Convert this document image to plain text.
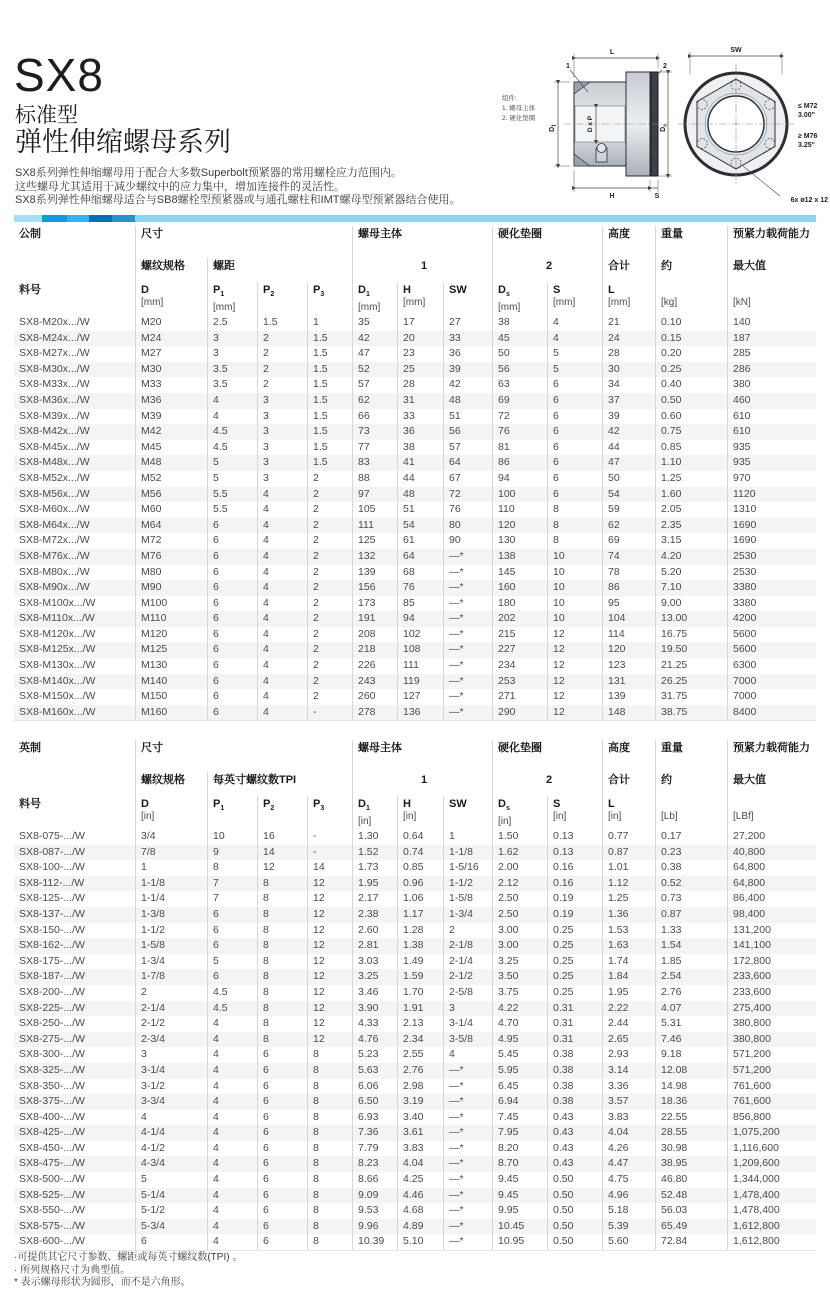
SX8
标准型
弹性伸缩螺母系列
SX8系列弹性伸缩螺母用于配合大多数Superbolt预紧器的常用螺栓应力范围内。
这些螺母尤其适用于减少螺纹中的应力集中，增加连接件的灵活性。
SX8系列弹性伸缩螺母适合与SB8螺栓型预紧器或与通孔螺柱和IMT螺母型预紧器结合使用。
组件:
1. 螺母主体
2. 硬化垫圈
L
1	2
$D_1$	D x P	$D_s$
H	S
SW
≤ M72
3.00"
≥ M76
3.25"
6x ø12 x 12
公制	尺寸	螺母主体	硬化垫圈	高度	重量	预紧力载荷能力
螺纹规格	螺距	1	2	合计	约	最大值
料号	D
[mm]
$P_1$
[mm]
$P_2$	$P_3$	$D_1$
[mm]
H
[mm]
SW	$D_s$
[mm]
S
[mm]
L
[mm]
	[kg]
	[kN]
SX8-M20x.../W	M20	2.5	1.5	1	35	17	27	38	4	21	0.10	140
SX8-M24x.../W	M24	3	2	1.5	42	20	33	45	4	24	0.15	187
SX8-M27x.../W	M27	3	2	1.5	47	23	36	50	5	28	0.20	285
SX8-M30x.../W	M30	3.5	2	1.5	52	25	39	56	5	30	0.25	286
SX8-M33x.../W	M33	3.5	2	1.5	57	28	42	63	6	34	0.40	380
SX8-M36x.../W	M36	4	3	1.5	62	31	48	69	6	37	0.50	460
SX8-M39x.../W	M39	4	3	1.5	66	33	51	72	6	39	0.60	610
SX8-M42x.../W	M42	4.5	3	1.5	73	36	56	76	6	42	0.75	610
SX8-M45x.../W	M45	4.5	3	1.5	77	38	57	81	6	44	0.85	935
SX8-M48x.../W	M48	5	3	1.5	83	41	64	86	6	47	1.10	935
SX8-M52x.../W	M52	5	3	2	88	44	67	94	6	50	1.25	970
SX8-M56x.../W	M56	5.5	4	2	97	48	72	100	6	54	1.60	1120
SX8-M60x.../W	M60	5.5	4	2	105	51	76	110	8	59	2.05	1310
SX8-M64x.../W	M64	6	4	2	111	54	80	120	8	62	2.35	1690
SX8-M72x.../W	M72	6	4	2	125	61	90	130	8	69	3.15	1690
SX8-M76x.../W	M76	6	4	2	132	64	—*	138	10	74	4.20	2530
SX8-M80x.../W	M80	6	4	2	139	68	—*	145	10	78	5.20	2530
SX8-M90x.../W	M90	6	4	2	156	76	—*	160	10	86	7.10	3380
SX8-M100x.../W	M100	6	4	2	173	85	—*	180	10	95	9.00	3380
SX8-M110x.../W	M110	6	4	2	191	94	—*	202	10	104	13.00	4200
SX8-M120x.../W	M120	6	4	2	208	102	—*	215	12	114	16.75	5600
SX8-M125x.../W	M125	6	4	2	218	108	—*	227	12	120	19.50	5600
SX8-M130x.../W	M130	6	4	2	226	111	—*	234	12	123	21.25	6300
SX8-M140x.../W	M140	6	4	2	243	119	—*	253	12	131	26.25	7000
SX8-M150x.../W	M150	6	4	2	260	127	—*	271	12	139	31.75	7000
SX8-M160x.../W	M160	6	4	-	278	136	—*	290	12	148	38.75	8400
英制	尺寸	螺母主体	硬化垫圈	高度	重量	预紧力载荷能力
螺纹规格	每英寸螺纹数TPI	1	2	合计	约	最大值
料号	D
[in]
$P_1$	$P_2$	$P_3$	$D_1$
[in]
H
[in]
SW	$D_s$
[in]
S
[in]
L
[in]
	[Lb]
	[LBf]
SX8-075-.../W	3/4	10	16	-	1.30	0.64	1	1.50	0.13	0.77	0.17	27,200
SX8-087-.../W	7/8	9	14	-	1.52	0.74	1-1/8	1.62	0.13	0.87	0.23	40,800
SX8-100-.../W	1	8	12	14	1.73	0.85	1-5/16	2.00	0.16	1.01	0.38	64,800
SX8-112-.../W	1-1/8	7	8	12	1.95	0.96	1-1/2	2.12	0.16	1.12	0.52	64,800
SX8-125-.../W	1-1/4	7	8	12	2.17	1.06	1-5/8	2.50	0.19	1.25	0.73	86,400
SX8-137-.../W	1-3/8	6	8	12	2.38	1.17	1-3/4	2.50	0.19	1.36	0.87	98,400
SX8-150-.../W	1-1/2	6	8	12	2.60	1.28	2	3.00	0.25	1.53	1.33	131,200
SX8-162-.../W	1-5/8	6	8	12	2.81	1.38	2-1/8	3.00	0.25	1.63	1.54	141,100
SX8-175-.../W	1-3/4	5	8	12	3.03	1.49	2-1/4	3.25	0.25	1.74	1.85	172,800
SX8-187-.../W	1-7/8	6	8	12	3.25	1.59	2-1/2	3.50	0.25	1.84	2.54	233,600
SX8-200-.../W	2	4.5	8	12	3.46	1.70	2-5/8	3.75	0.25	1.95	2.76	233,600
SX8-225-.../W	2-1/4	4.5	8	12	3.90	1.91	3	4.22	0.31	2.22	4.07	275,400
SX8-250-.../W	2-1/2	4	8	12	4.33	2.13	3-1/4	4.70	0.31	2.44	5.31	380,800
SX8-275-.../W	2-3/4	4	8	12	4.76	2.34	3-5/8	4.95	0.31	2.65	7.46	380,800
SX8-300-.../W	3	4	6	8	5.23	2.55	4	5.45	0.38	2.93	9.18	571,200
SX8-325-.../W	3-1/4	4	6	8	5.63	2.76	—*	5.95	0.38	3.14	12.08	571,200
SX8-350-.../W	3-1/2	4	6	8	6.06	2.98	—*	6.45	0.38	3.36	14.98	761,600
SX8-375-.../W	3-3/4	4	6	8	6.50	3.19	—*	6.94	0.38	3.57	18.36	761,600
SX8-400-.../W	4	4	6	8	6.93	3.40	—*	7.45	0.43	3.83	22.55	856,800
SX8-425-.../W	4-1/4	4	6	8	7.36	3.61	—*	7.95	0.43	4.04	28.55	1,075,200
SX8-450-.../W	4-1/2	4	6	8	7.79	3.83	—*	8.20	0.43	4.26	30.98	1,116,600
SX8-475-.../W	4-3/4	4	6	8	8.23	4.04	—*	8.70	0.43	4.47	38.95	1,209,600
SX8-500-.../W	5	4	6	8	8.66	4.25	—*	9.45	0.50	4.75	46.80	1,344,000
SX8-525-.../W	5-1/4	4	6	8	9.09	4.46	—*	9.45	0.50	4.96	52.48	1,478,400
SX8-550-.../W	5-1/2	4	6	8	9.53	4.68	—*	9.95	0.50	5.18	56.03	1,478,400
SX8-575-.../W	5-3/4	4	6	8	9.96	4.89	—*	10.45	0.50	5.39	65.49	1,612,800
SX8-600-.../W	6	4	6	8	10.39	5.10	—*	10.95	0.50	5.60	72.84	1,612,800
·可提供其它尺寸参数、螺距或每英寸螺纹数(TPI) 。
· 所列规格尺寸为典型值。
* 表示螺母形状为圆形，而不是六角形。
